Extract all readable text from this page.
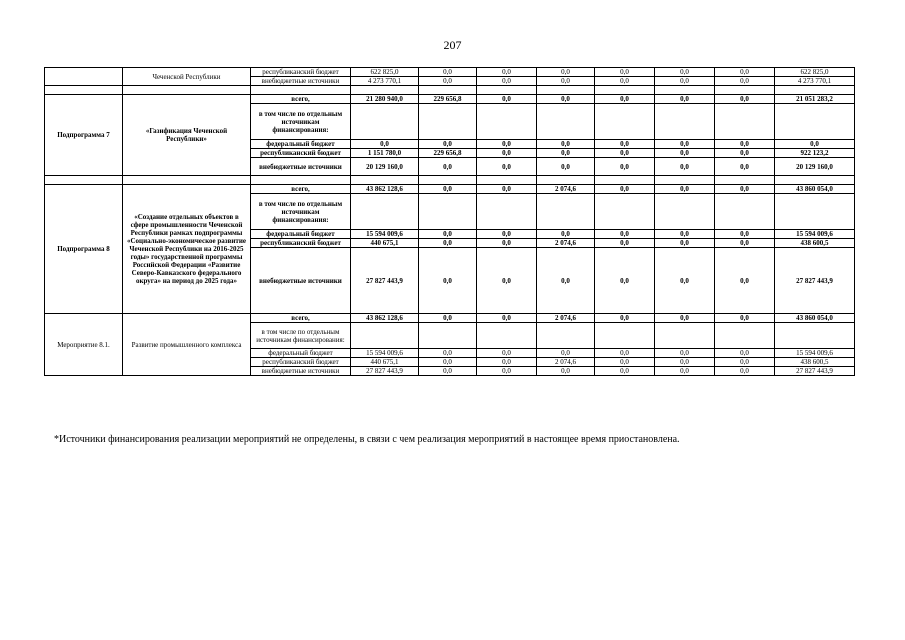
207
	Чеченской Республики	республиканский бюджет	622 825,0	0,0	0,0	0,0	0,0	0,0	0,0	622 825,0
		внебюджетные источники	4 273 770,1	0,0	0,0	0,0	0,0	0,0	0,0	4 273 770,1

Подпрограмма 7	«Газификация Чеченской Республики»	всего,	21 280 940,0	229 656,8	0,0	0,0	0,0	0,0	0,0	21 051 283,2
		в том числе по отдельным источникам финансирования:								
		федеральный бюджет	0,0	0,0	0,0	0,0	0,0	0,0	0,0	0,0
		республиканский бюджет	1 151 780,0	229 656,8	0,0	0,0	0,0	0,0	0,0	922 123,2
		внебюджетные источники	20 129 160,0	0,0	0,0	0,0	0,0	0,0	0,0	20 129 160,0

Подпрограмма 8	«Создание отдельных объектов в сфере промышленности Чеченской Республики рамках подпрограммы «Социально-экономическое развитие Чеченской Республики на 2016-2025 годы» государственной программы Российской Федерации «Развитие Северо-Кавказского федерального округа» на период до 2025 года»	всего,	43 862 128,6	0,0	0,0	2 074,6	0,0	0,0	0,0	43 860 054,0
		в том числе по отдельным источникам финансирования:								
		федеральный бюджет	15 594 009,6	0,0	0,0	0,0	0,0	0,0	0,0	15 594 009,6
		республиканский бюджет	440 675,1	0,0	0,0	2 074,6	0,0	0,0	0,0	438 600,5
		внебюджетные источники	27 827 443,9	0,0	0,0	0,0	0,0	0,0	0,0	27 827 443,9
Мероприятие 8.1.	Развитие промышленного комплекса	всего,	43 862 128,6	0,0	0,0	2 074,6	0,0	0,0	0,0	43 860 054,0
		в том числе по отдельным источникам финансирования:								
		федеральный бюджет	15 594 009,6	0,0	0,0	0,0	0,0	0,0	0,0	15 594 009,6
		республиканский бюджет	440 675,1	0,0	0,0	2 074,6	0,0	0,0	0,0	438 600,5
		внебюджетные источники	27 827 443,9	0,0	0,0	0,0	0,0	0,0	0,0	27 827 443,9
*Источники финансирования реализации мероприятий не определены, в связи с чем реализация мероприятий в настоящее время приостановлена.
